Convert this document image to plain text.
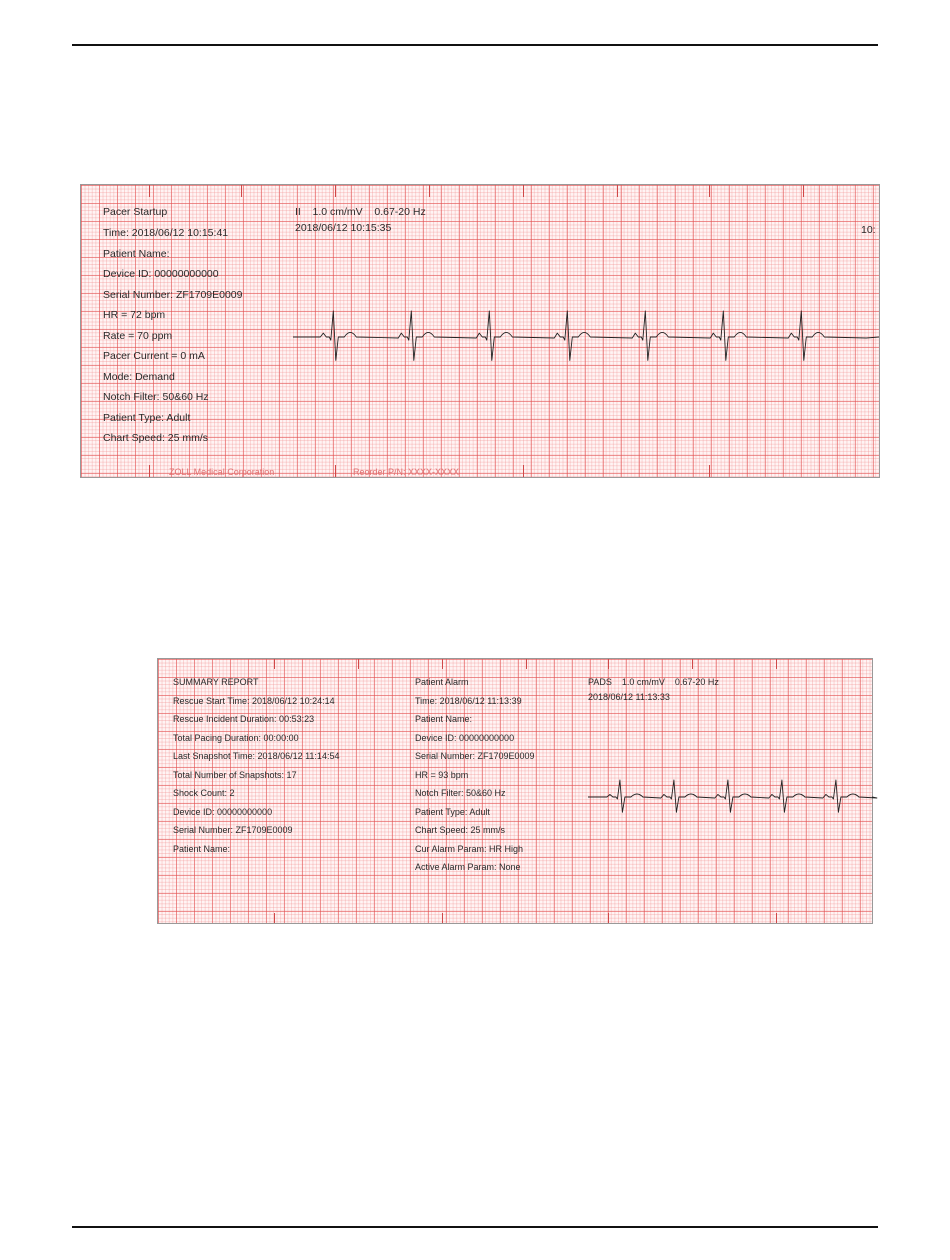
Pacer Startup
Time: 2018/06/12 10:15:41
Patient Name:
Device ID: 00000000000
Serial Number: ZF1709E0009
HR = 72 bpm
Rate = 70 ppm
Pacer Current = 0 mA
Mode: Demand
Notch Filter: 50&60 Hz
Patient Type: Adult
Chart Speed: 25 mm/s
II    1.0 cm/mV    0.67-20 Hz
2018/06/12 10:15:35	10:
ZOLL Medical Corporation	Reorder P/N: XXXX-XXXX
SUMMARY REPORT
Rescue Start Time: 2018/06/12 10:24:14
Rescue Incident Duration: 00:53:23
Total Pacing Duration: 00:00:00
Last Snapshot Time: 2018/06/12 11:14:54
Total Number of Snapshots: 17
Shock Count: 2
Device ID: 00000000000
Serial Number: ZF1709E0009
Patient Name:
Patient Alarm
Time: 2018/06/12 11:13:39
Patient Name:
Device ID: 00000000000
Serial Number: ZF1709E0009
HR = 93 bpm
Notch Filter: 50&60 Hz
Patient Type: Adult
Chart Speed: 25 mm/s
Cur Alarm Param: HR High
Active Alarm Param: None
PADS    1.0 cm/mV    0.67-20 Hz
2018/06/12 11:13:33
